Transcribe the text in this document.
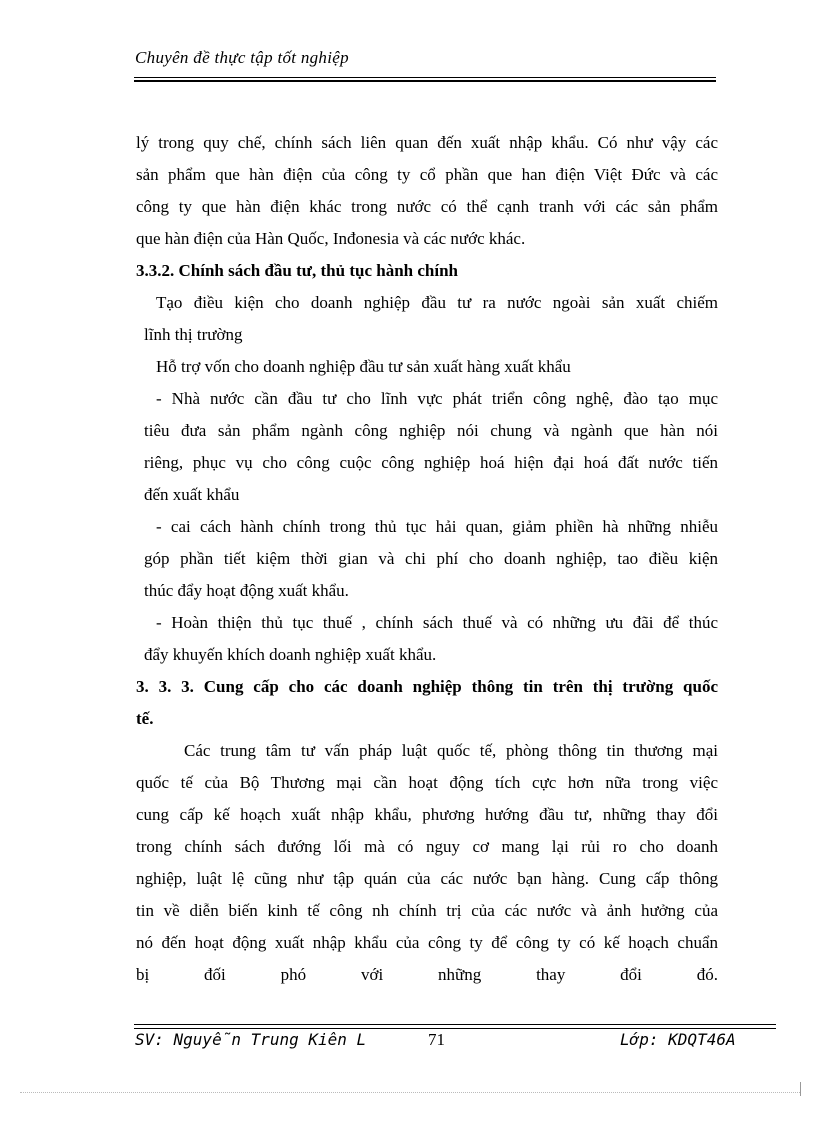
Chuyên đề thực tập tốt nghiệp
lý trong quy chế, chính sách liên quan đến xuất nhập khẩu. Có như vậy các
sản phẩm que hàn điện của công ty cổ phần que han điện Việt Đức và các
công ty que hàn điện khác trong nước có thể cạnh tranh với các sản phẩm
que hàn điện của Hàn Quốc, Inđonesia và các nước khác.
3.3.2. Chính sách đầu tư, thủ tục hành chính
Tạo điều kiện cho doanh nghiệp đầu tư ra nước ngoài sản xuất chiếm
lĩnh thị trường
Hỗ trợ vốn cho doanh nghiệp đầu tư sản xuất hàng xuất khẩu
- Nhà nước cần đầu tư cho lĩnh vực phát triển công nghệ, đào tạo mục
tiêu đưa sản phẩm ngành công nghiệp nói chung và ngành que hàn nói
riêng, phục vụ cho công cuộc công nghiệp hoá hiện đại hoá đất nước tiến
đến xuất khẩu
- cai cách hành chính trong thủ tục hải quan, giảm phiền hà những nhiễu
góp phần tiết kiệm thời gian và chi phí cho doanh nghiệp, tao điều kiện
thúc đẩy hoạt động xuất khẩu.
- Hoàn thiện thủ tục thuế , chính sách thuế và có những ưu đãi để thúc
đẩy khuyến khích doanh nghiệp xuất khẩu.
3. 3. 3. Cung cấp cho các doanh nghiệp thông tin trên thị trường quốc
tế.
Các trung tâm tư vấn pháp luật quốc tế, phòng thông tin thương mại
quốc tế của Bộ Thương mại cần hoạt động tích cực hơn nữa trong việc
cung cấp kế hoạch xuất nhập khẩu, phương hướng đầu tư, những thay đổi
trong chính sách đướng lối mà có nguy cơ mang lại rủi ro cho doanh
nghiệp, luật lệ cũng như tập quán của các nước bạn hàng. Cung cấp thông
tin về diễn biến kinh tế công nh chính trị của các nước và ảnh hưởng của
nó đến hoạt động xuất nhập khẩu của công ty để công ty có kế hoạch chuẩn
bị đối phó với những thay đổi đó.
SV: Nguyễn Trung Kiên L	71	Lớp: KDQT46A
